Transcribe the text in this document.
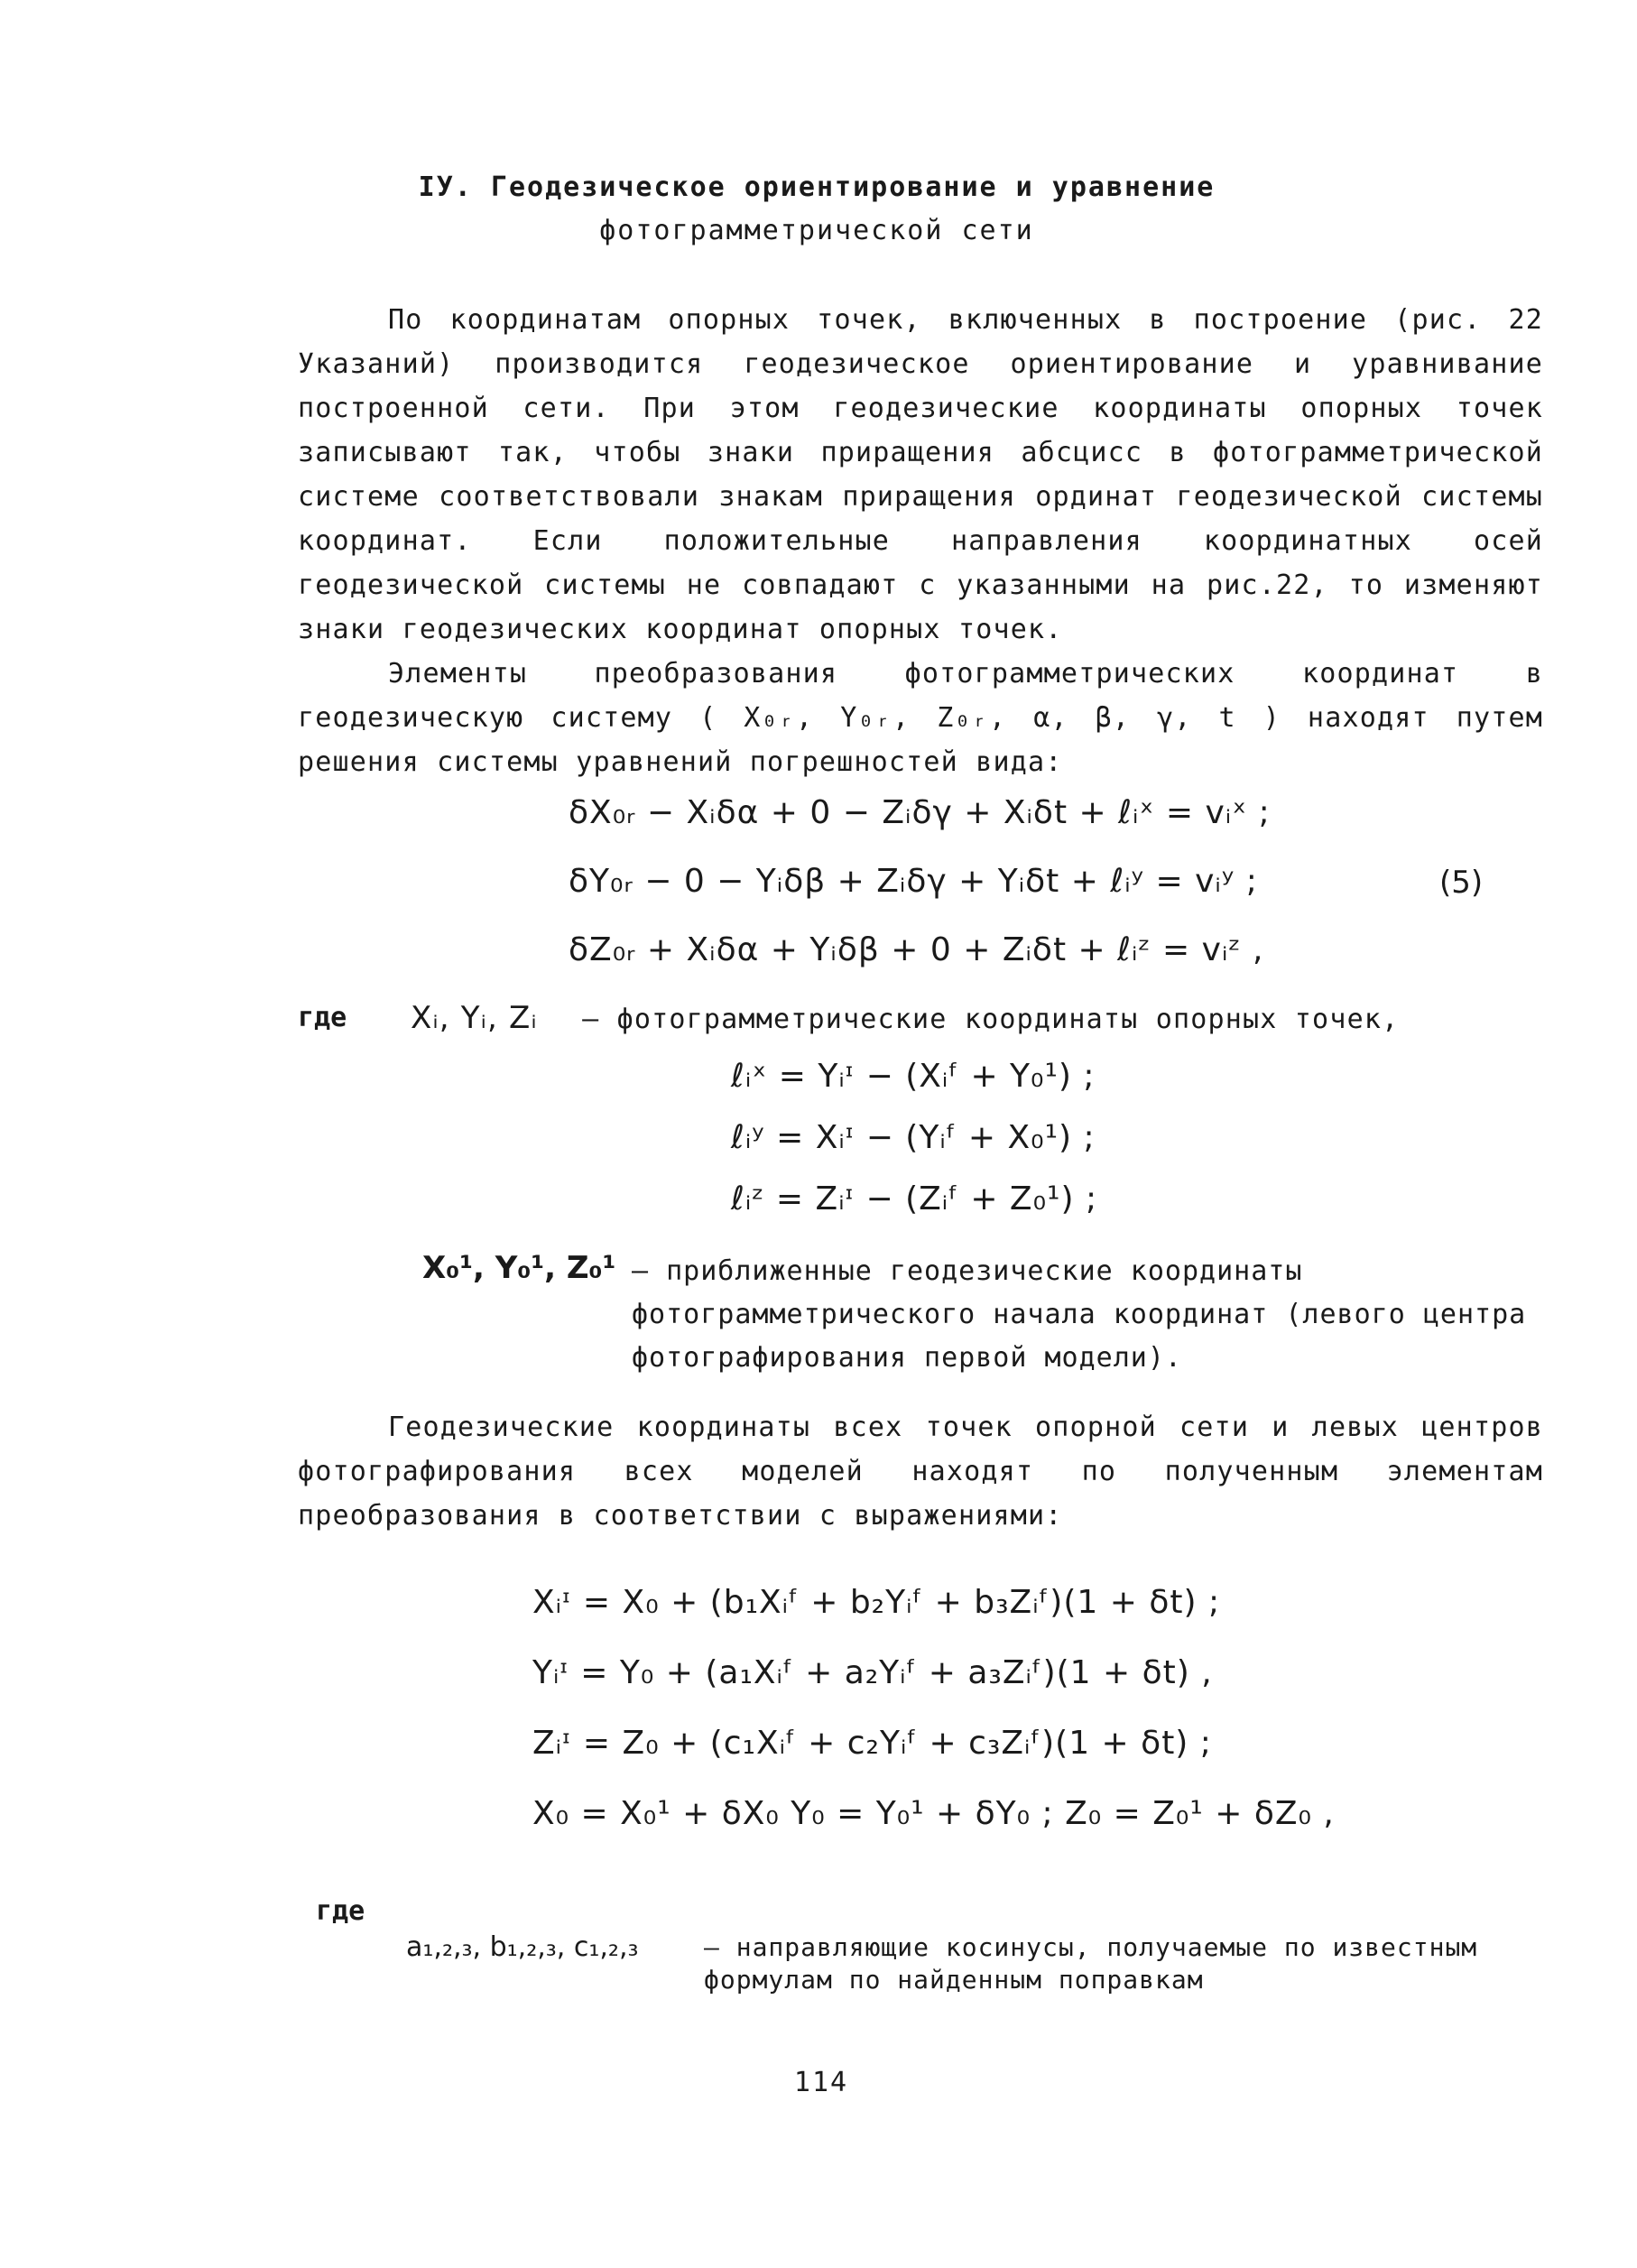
IУ. Геодезическое ориентирование и уравнение
фотограмметрической сети

По координатам опорных точек, включенных в построение (рис. 22 Указаний) производится геодезическое ориентирование и уравнивание построенной сети. При этом геодезические координаты опорных точек записывают так, чтобы знаки приращения абсцисс в фотограмметрической системе соответствовали знакам приращения ординат геодезической системы координат. Если положительные направления координатных осей геодезической системы не совпадают с указанными на рис.22, то изменяют знаки геодезических координат опорных точек.

Элементы преобразования фотограмметрических координат в геодезическую систему ( X₀ᵣ, Y₀ᵣ, Z₀ᵣ, α, β, γ, t ) находят путем решения системы уравнений погрешностей вида:

δX₀ᵣ − Xᵢδα + 0 − Zᵢδγ + Xᵢδt + ℓᵢˣ = vᵢˣ ;
δY₀ᵣ − 0 − Yᵢδβ + Zᵢδγ + Yᵢδt + ℓᵢʸ = vᵢʸ ;
δZ₀ᵣ + Xᵢδα + Yᵢδβ + 0 + Zᵢδt + ℓᵢᶻ = vᵢᶻ ,
(5)
где Xᵢ, Yᵢ, Zᵢ – фотограмметрические координаты опорных точек,
ℓᵢˣ = Yᵢᶦ − (Xᵢᶠ + Y₀¹) ;
ℓᵢʸ = Xᵢᶦ − (Yᵢᶠ + X₀¹) ;
ℓᵢᶻ = Zᵢᶦ − (Zᵢᶠ + Z₀¹) ;
X₀¹, Y₀¹, Z₀¹ – приближенные геодезические координаты фотограмметрического начала координат (левого центра фотографирования первой модели).

Геодезические координаты всех точек опорной сети и левых центров фотографирования всех моделей находят по полученным элементам преобразования в соответствии с выражениями:

Xᵢᶦ = X₀ + (b₁Xᵢᶠ + b₂Yᵢᶠ + b₃Zᵢᶠ)(1 + δt) ;
Yᵢᶦ = Y₀ + (a₁Xᵢᶠ + a₂Yᵢᶠ + a₃Zᵢᶠ)(1 + δt) ,
Zᵢᶦ = Z₀ + (c₁Xᵢᶠ + c₂Yᵢᶠ + c₃Zᵢᶠ)(1 + δt) ;
X₀ = X₀¹ + δX₀ Y₀ = Y₀¹ + δY₀ ; Z₀ = Z₀¹ + δZ₀ ,
где
a₁,₂,₃, b₁,₂,₃, c₁,₂,₃	– направляющие косинусы, получаемые по известным формулам по найденным поправкам
114
